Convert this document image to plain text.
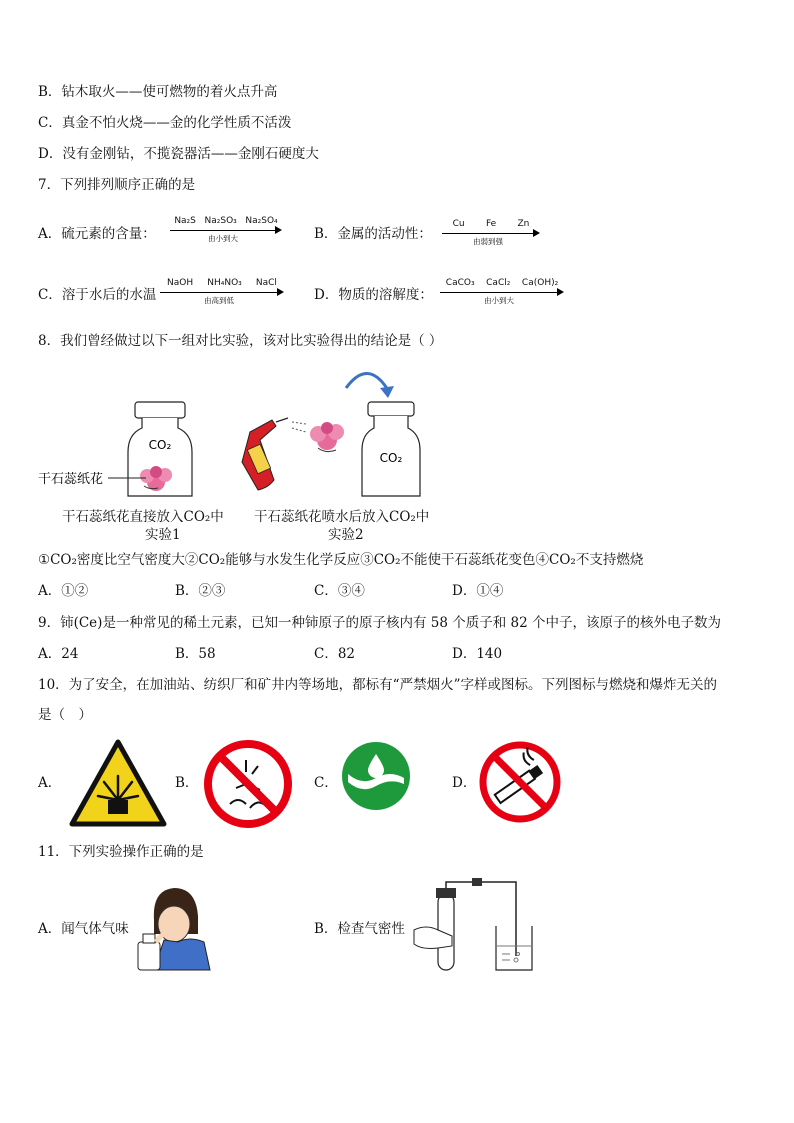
B．钻木取火——使可燃物的着火点升高
C．真金不怕火烧——金的化学性质不活泼
D．没有金刚钻，不揽瓷器活——金刚石硬度大
7．下列排列顺序正确的是
A．硫元素的含量：
Na₂S Na₂SO₃ Na₂SO₄
由小到大	B．金属的活动性：
Cu Fe Zn
由弱到强
C．溶于水后的水温
NaOH NH₄NO₃ NaCl
由高到低	D．物质的溶解度：
CaCO₃ CaCl₂ Ca(OH)₂
由小到大
8．我们曾经做过以下一组对比实验，该对比实验得出的结论是（ ）
CO₂
干石蕊纸花
CO₂
干石蕊纸花直接放入CO₂中
实验1
干石蕊纸花喷水后放入CO₂中
实验2
①CO₂密度比空气密度大②CO₂能够与水发生化学反应③CO₂不能使干石蕊纸花变色④CO₂不支持燃烧
A．①②	B．②③	C．③④	D．①④
9．铈(Ce)是一种常见的稀土元素，已知一种铈原子的原子核内有 58 个质子和 82 个中子，该原子的核外电子数为
A．24	B．58	C．82	D．140
10．为了安全，在加油站、纺织厂和矿井内等场地，都标有“严禁烟火”字样或图标。下列图标与燃烧和爆炸无关的
是（　）
A．	B．	C．	D．
11．下列实验操作正确的是
A．闻气体气味	B．检查气密性
